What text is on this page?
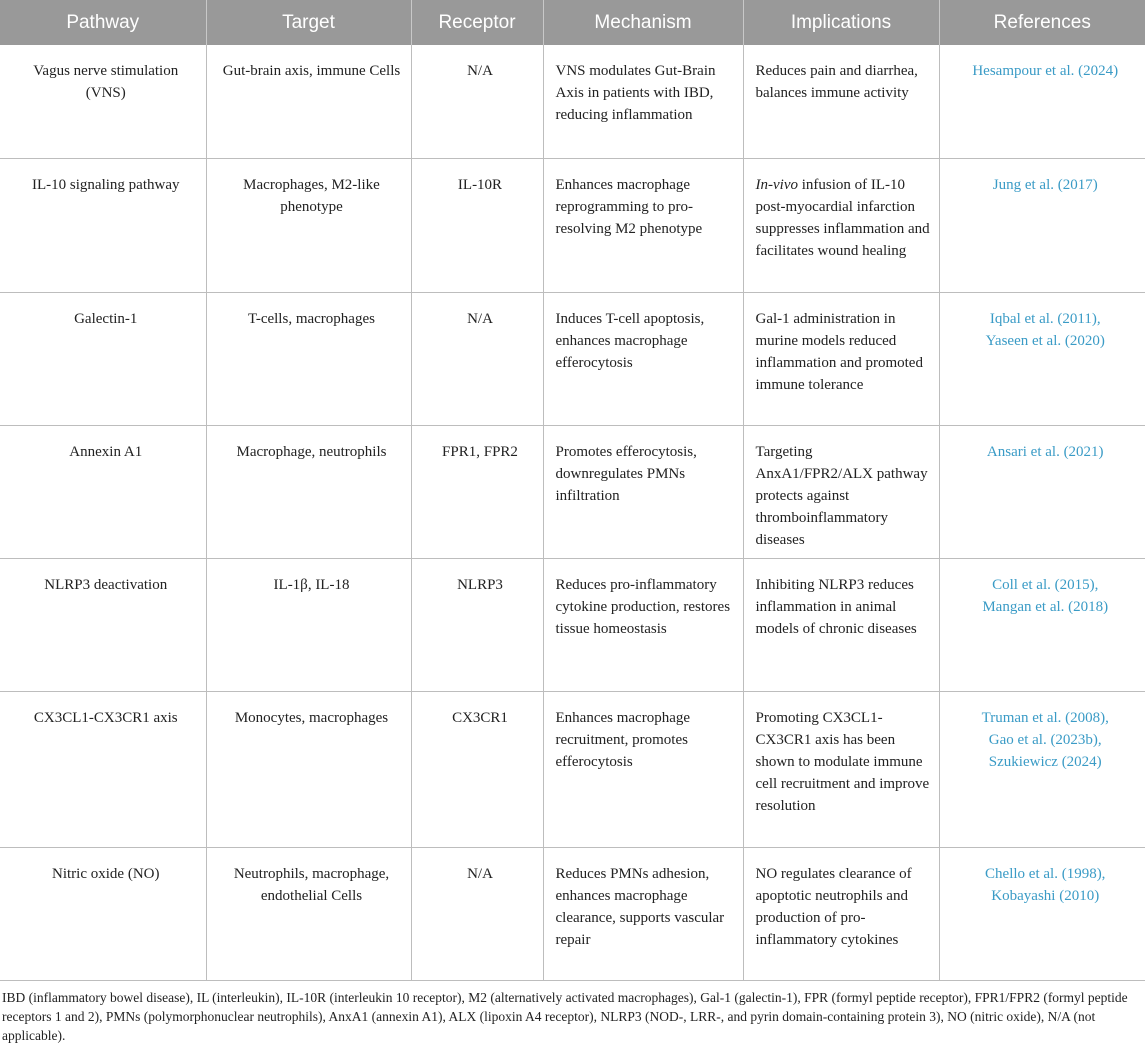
Pathway	Target	Receptor	Mechanism	Implications	References
Vagus nerve stimulation (VNS)	Gut-brain axis, immune Cells	N/A	VNS modulates Gut-Brain Axis in patients with IBD, reducing inflammation	Reduces pain and diarrhea, balances immune activity	Hesampour et al. (2024)

IL-10 signaling pathway	Macrophages, M2-like phenotype	IL-10R	Enhances macrophage reprogramming to pro-resolving M2 phenotype	In-vivo infusion of IL-10 post-myocardial infarction suppresses inflammation and facilitates wound healing	Jung et al. (2017)

Galectin-1	T-cells, macrophages	N/A	Induces T-cell apoptosis, enhances macrophage efferocytosis	Gal-1 administration in murine models reduced inflammation and promoted immune tolerance	Iqbal et al. (2011),
Yaseen et al. (2020)

Annexin A1	Macrophage, neutrophils	FPR1, FPR2	Promotes efferocytosis, downregulates PMNs infiltration	Targeting AnxA1/FPR2/ALX pathway protects against thromboinflammatory diseases	Ansari et al. (2021)

NLRP3 deactivation	IL-1β, IL-18	NLRP3	Reduces pro-inflammatory cytokine production, restores tissue homeostasis	Inhibiting NLRP3 reduces inflammation in animal models of chronic diseases	Coll et al. (2015),
Mangan et al. (2018)

CX3CL1-CX3CR1 axis	Monocytes, macrophages	CX3CR1	Enhances macrophage recruitment, promotes efferocytosis	Promoting CX3CL1-CX3CR1 axis has been shown to modulate immune cell recruitment and improve resolution	Truman et al. (2008),
Gao et al. (2023b),
Szukiewicz (2024)

Nitric oxide (NO)	Neutrophils, macrophage, endothelial Cells	N/A	Reduces PMNs adhesion, enhances macrophage clearance, supports vascular repair	NO regulates clearance of apoptotic neutrophils and production of pro-inflammatory cytokines	Chello et al. (1998),
Kobayashi (2010)
IBD (inflammatory bowel disease), IL (interleukin), IL-10R (interleukin 10 receptor), M2 (alternatively activated macrophages), Gal-1 (galectin-1), FPR (formyl peptide receptor), FPR1/FPR2 (formyl peptide receptors 1 and 2), PMNs (polymorphonuclear neutrophils), AnxA1 (annexin A1), ALX (lipoxin A4 receptor), NLRP3 (NOD-, LRR-, and pyrin domain-containing protein 3), NO (nitric oxide), N/A (not applicable).
